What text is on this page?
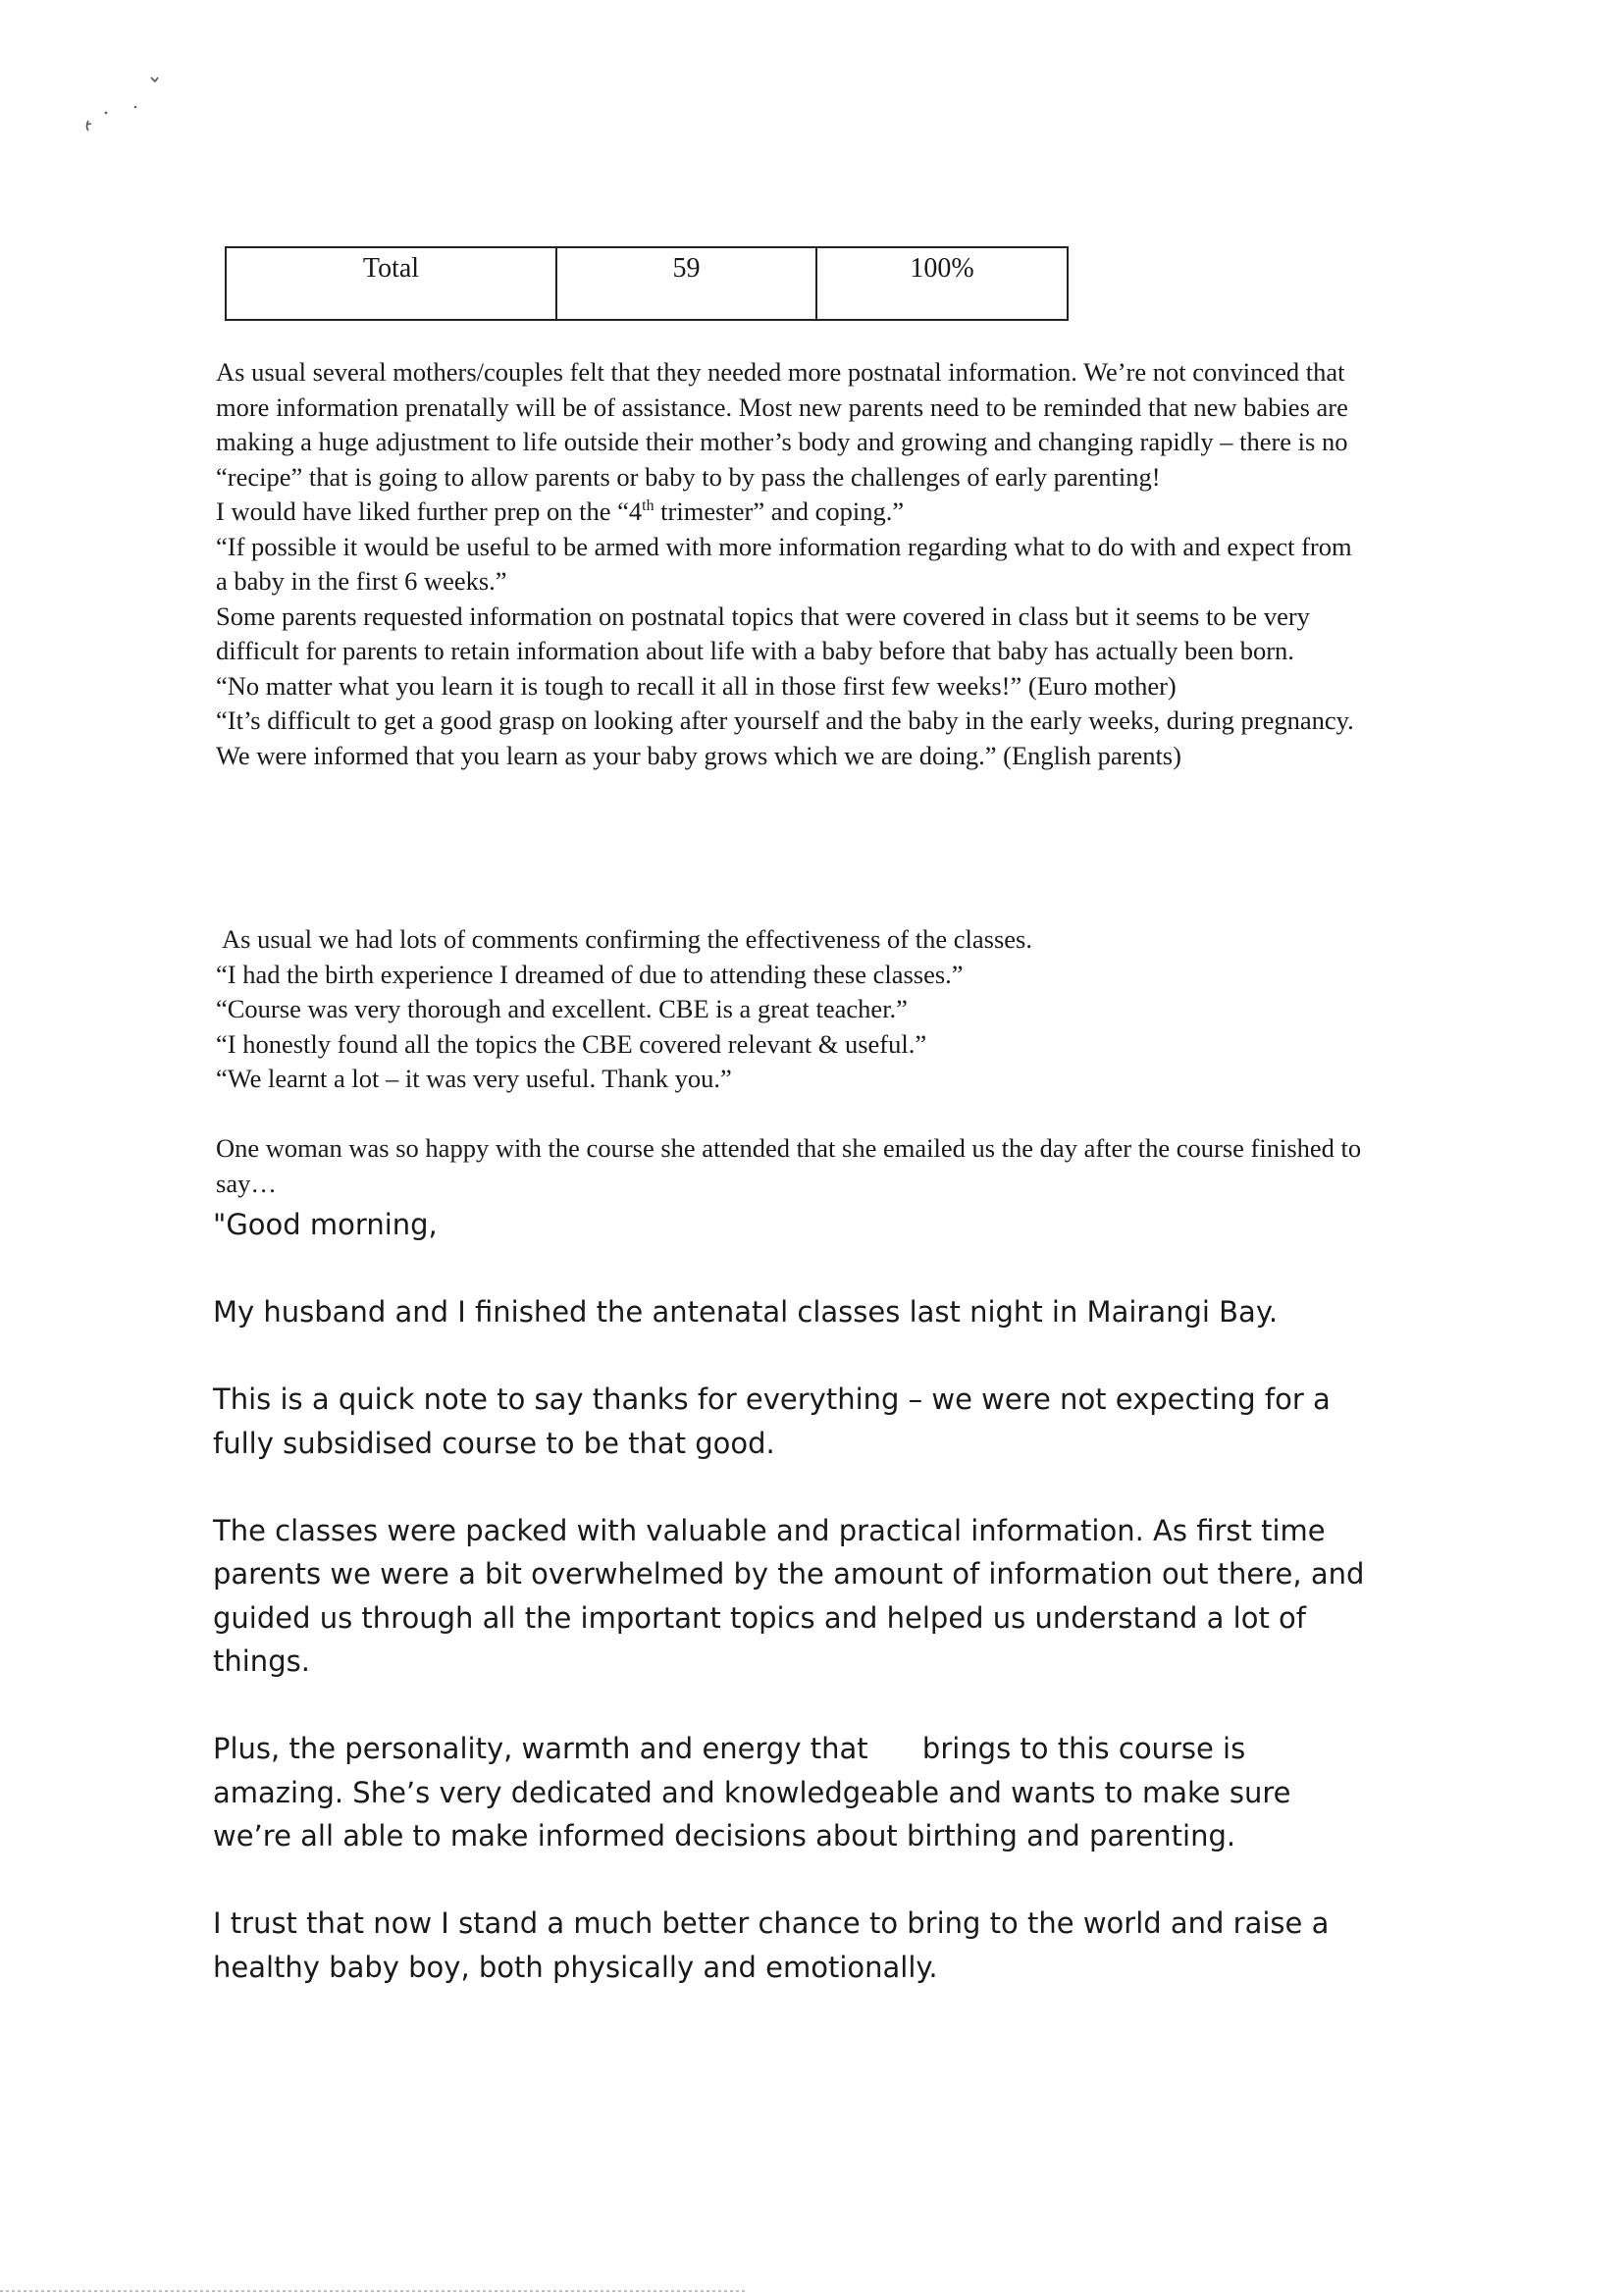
Total	59	100%

As usual several mothers/couples felt that they needed more postnatal information. We’re not convinced that more information prenatally will be of assistance. Most new parents need to be reminded that new babies are making a huge adjustment to life outside their mother’s body and growing and changing rapidly – there is no “recipe” that is going to allow parents or baby to by pass the challenges of early parenting!

I would have liked further prep on the “4th trimester” and coping.”

“If possible it would be useful to be armed with more information regarding what to do with and expect from a baby in the first 6 weeks.”

Some parents requested information on postnatal topics that were covered in class but it seems to be very difficult for parents to retain information about life with a baby before that baby has actually been born.

“No matter what you learn it is tough to recall it all in those first few weeks!” (Euro mother)

“It’s difficult to get a good grasp on looking after yourself and the baby in the early weeks, during pregnancy. We were informed that you learn as your baby grows which we are doing.” (English parents)

As usual we had lots of comments confirming the effectiveness of the classes.

“I had the birth experience I dreamed of due to attending these classes.”

“Course was very thorough and excellent. CBE is a great teacher.”

“I honestly found all the topics the CBE covered relevant & useful.”

“We learnt a lot – it was very useful. Thank you.”

One woman was so happy with the course she attended that she emailed us the day after the course finished to say…

"Good morning,

My husband and I finished the antenatal classes last night in Mairangi Bay.

This is a quick note to say thanks for everything – we were not expecting for a fully subsidised course to be that good.

The classes were packed with valuable and practical information. As first time parents we were a bit overwhelmed by the amount of information out there, and      guided us through all the important topics and helped us understand a lot of things.

Plus, the personality, warmth and energy that      brings to this course is amazing. She’s very dedicated and knowledgeable and wants to make sure we’re all able to make informed decisions about birthing and parenting.

I trust that now I stand a much better chance to bring to the world and raise a healthy baby boy, both physically and emotionally.
